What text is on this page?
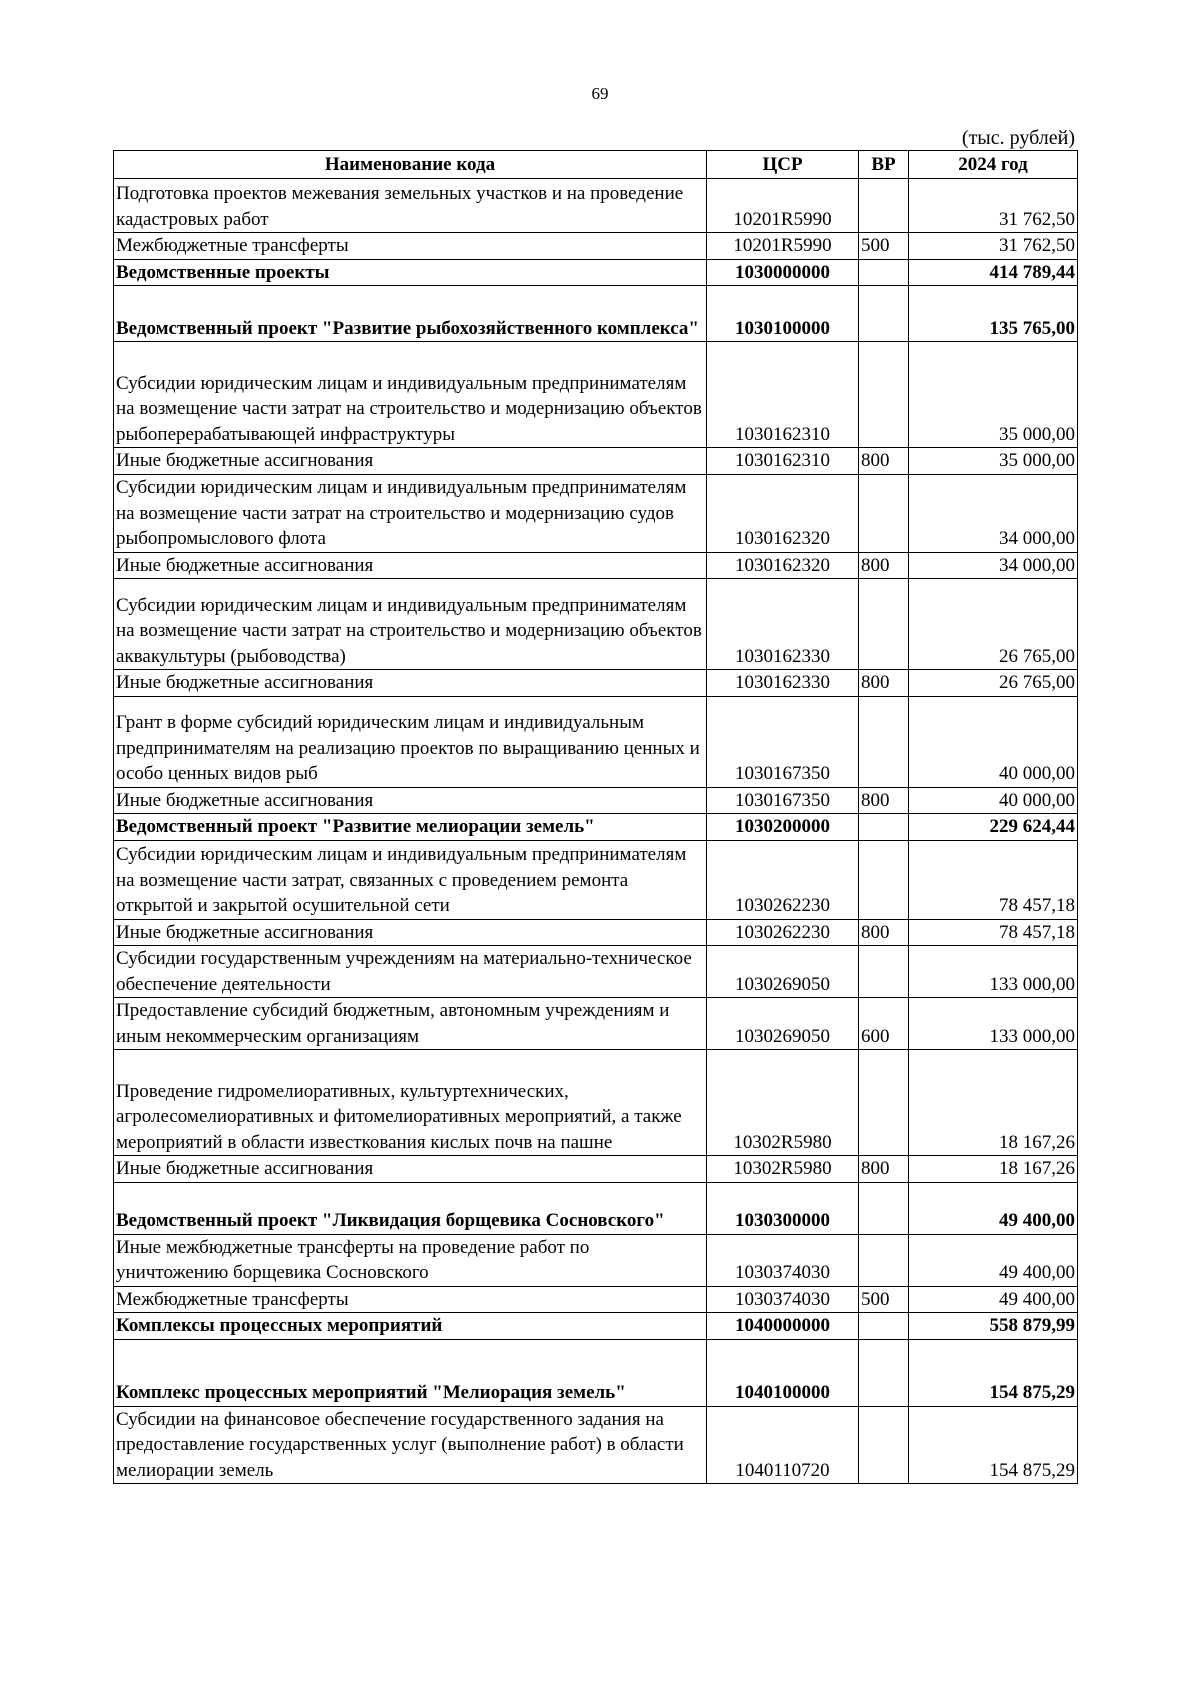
69
(тыс. рублей)
Наименование кода	ЦСР	ВР	2024 год
Подготовка проектов межевания земельных участков и на проведение кадастровых работ	10201R5990		31 762,50
Межбюджетные трансферты	10201R5990	500	31 762,50
Ведомственные проекты	1030000000		414 789,44
Ведомственный проект "Развитие рыбохозяйственного комплекса"	1030100000		135 765,00
Субсидии юридическим лицам и индивидуальным предпринимателям на возмещение части затрат на строительство и модернизацию объектов рыбоперерабатывающей инфраструктуры	1030162310		35 000,00
Иные бюджетные ассигнования	1030162310	800	35 000,00
Субсидии юридическим лицам и индивидуальным предпринимателям на возмещение части затрат на строительство и модернизацию судов рыбопромыслового флота	1030162320		34 000,00
Иные бюджетные ассигнования	1030162320	800	34 000,00
Субсидии юридическим лицам и индивидуальным предпринимателям на возмещение части затрат на строительство и модернизацию объектов аквакультуры (рыбоводства)	1030162330		26 765,00
Иные бюджетные ассигнования	1030162330	800	26 765,00
Грант в форме субсидий юридическим лицам и индивидуальным предпринимателям на реализацию проектов по выращиванию ценных и особо ценных видов рыб	1030167350		40 000,00
Иные бюджетные ассигнования	1030167350	800	40 000,00
Ведомственный проект "Развитие мелиорации земель"	1030200000		229 624,44
Субсидии юридическим лицам и индивидуальным предпринимателям на возмещение части затрат, связанных с проведением ремонта открытой и закрытой осушительной сети	1030262230		78 457,18
Иные бюджетные ассигнования	1030262230	800	78 457,18
Субсидии государственным учреждениям на материально-техническое обеспечение деятельности	1030269050		133 000,00
Предоставление субсидий бюджетным, автономным учреждениям и иным некоммерческим организациям	1030269050	600	133 000,00
Проведение гидромелиоративных, культуртехнических, агролесомелиоративных и фитомелиоративных мероприятий, а также мероприятий в области известкования кислых почв на пашне	10302R5980		18 167,26
Иные бюджетные ассигнования	10302R5980	800	18 167,26
Ведомственный проект "Ликвидация борщевика Сосновского"	1030300000		49 400,00
Иные межбюджетные трансферты на проведение работ по уничтожению борщевика Сосновского	1030374030		49 400,00
Межбюджетные трансферты	1030374030	500	49 400,00
Комплексы процессных мероприятий	1040000000		558 879,99
Комплекс процессных мероприятий "Мелиорация земель"	1040100000		154 875,29
Субсидии на финансовое обеспечение государственного задания на предоставление государственных услуг (выполнение работ) в области мелиорации земель	1040110720		154 875,29
